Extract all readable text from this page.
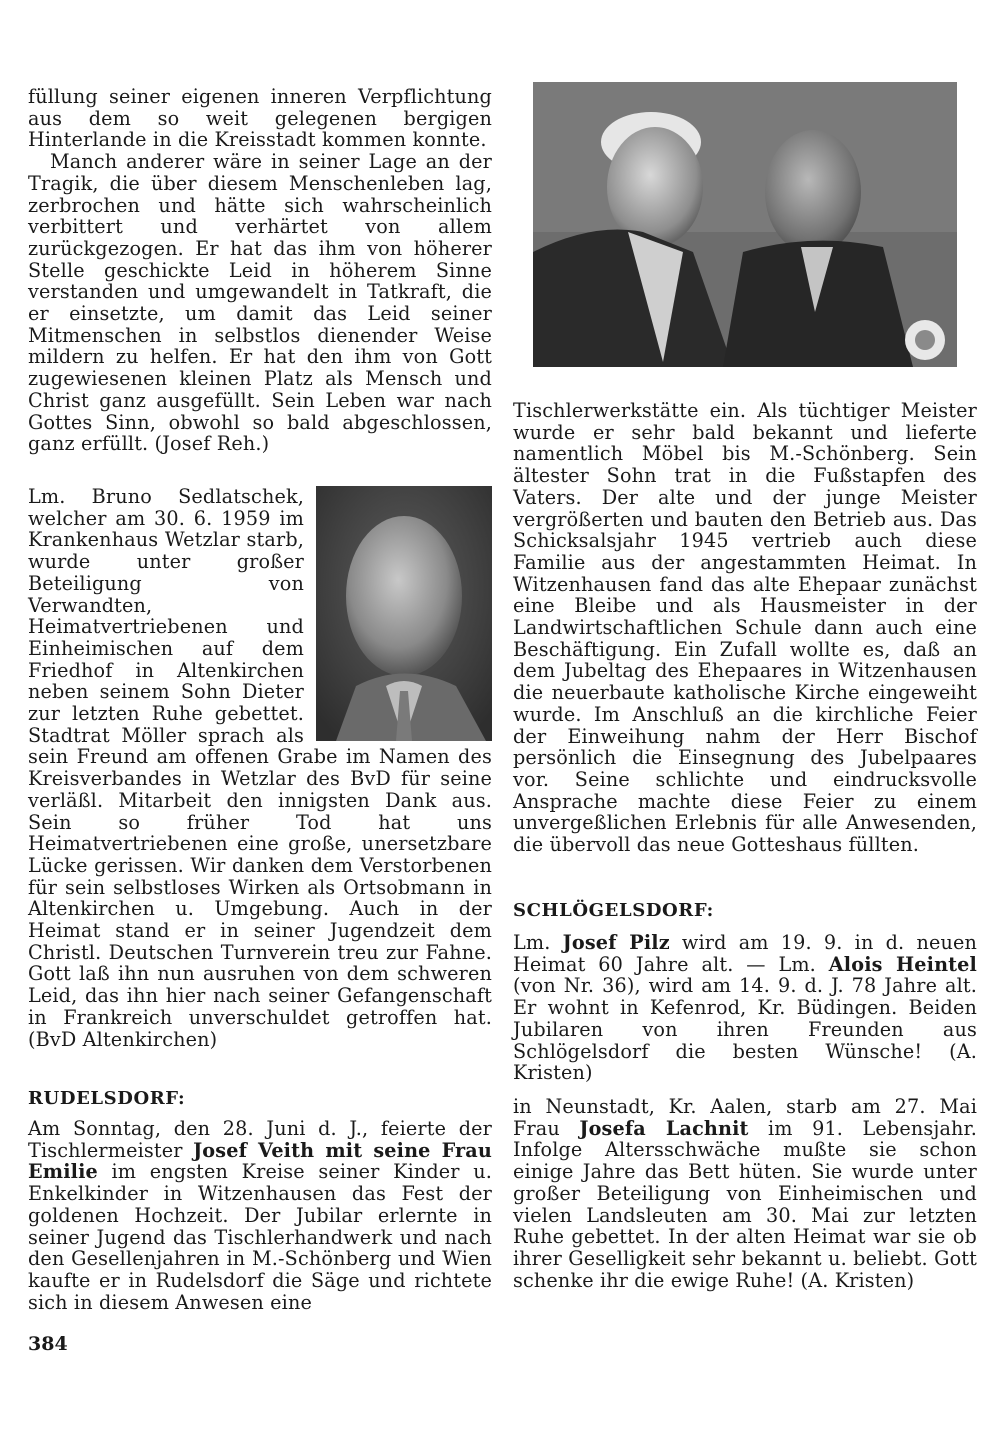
füllung seiner eigenen inneren Verpflichtung aus dem so weit gelegenen bergigen Hinterlande in die Kreisstadt kommen konnte.

Manch anderer wäre in seiner Lage an der Tragik, die über diesem Menschenleben lag, zerbrochen und hätte sich wahrscheinlich verbittert und verhärtet von allem zurückgezogen. Er hat das ihm von höherer Stelle geschickte Leid in höherem Sinne verstanden und umgewandelt in Tatkraft, die er einsetzte, um damit das Leid seiner Mitmenschen in selbstlos dienender Weise mildern zu helfen. Er hat den ihm von Gott zugewiesenen kleinen Platz als Mensch und Christ ganz ausgefüllt. Sein Leben war nach Gottes Sinn, obwohl so bald abgeschlossen, ganz erfüllt. (Josef Reh.)

Lm. Bruno Sedlatschek, welcher am 30. 6. 1959 im Krankenhaus Wetzlar starb, wurde unter großer Beteiligung von Verwandten, Heimatvertriebenen und Einheimischen auf dem Friedhof in Altenkirchen neben seinem Sohn Dieter zur letzten Ruhe gebettet. Stadtrat Möller sprach als sein Freund am offenen Grabe im Namen des Kreisverbandes in Wetzlar des BvD für seine verläßl. Mitarbeit den innigsten Dank aus. Sein so früher Tod hat uns Heimatvertriebenen eine große, unersetzbare Lücke gerissen. Wir danken dem Verstorbenen für sein selbstloses Wirken als Ortsobmann in Altenkirchen u. Umgebung. Auch in der Heimat stand er in seiner Jugendzeit dem Christl. Deutschen Turnverein treu zur Fahne. Gott laß ihn nun ausruhen von dem schweren Leid, das ihn hier nach seiner Gefangenschaft in Frankreich unverschuldet getroffen hat. (BvD Altenkirchen)

RUDELSDORF:

Am Sonntag, den 28. Juni d. J., feierte der Tischlermeister Josef Veith mit seine Frau Emilie im engsten Kreise seiner Kinder u. Enkelkinder in Witzenhausen das Fest der goldenen Hochzeit. Der Jubilar erlernte in seiner Jugend das Tischlerhandwerk und nach den Gesellenjahren in M.-Schönberg und Wien kaufte er in Rudelsdorf die Säge und richtete sich in diesem Anwesen eine

384

Tischlerwerkstätte ein. Als tüchtiger Meister wurde er sehr bald bekannt und lieferte namentlich Möbel bis M.-Schönberg. Sein ältester Sohn trat in die Fußstapfen des Vaters. Der alte und der junge Meister vergrößerten und bauten den Betrieb aus. Das Schicksalsjahr 1945 vertrieb auch diese Familie aus der angestammten Heimat. In Witzenhausen fand das alte Ehepaar zunächst eine Bleibe und als Hausmeister in der Landwirtschaftlichen Schule dann auch eine Beschäftigung. Ein Zufall wollte es, daß an dem Jubeltag des Ehepaares in Witzenhausen die neuerbaute katholische Kirche eingeweiht wurde. Im Anschluß an die kirchliche Feier der Einweihung nahm der Herr Bischof persönlich die Einsegnung des Jubelpaares vor. Seine schlichte und eindrucksvolle Ansprache machte diese Feier zu einem unvergeßlichen Erlebnis für alle Anwesenden, die übervoll das neue Gotteshaus füllten.

SCHLÖGELSDORF:

Lm. Josef Pilz wird am 19. 9. in d. neuen Heimat 60 Jahre alt. — Lm. Alois Heintel (von Nr. 36), wird am 14. 9. d. J. 78 Jahre alt. Er wohnt in Kefenrod, Kr. Büdingen. Beiden Jubilaren von ihren Freunden aus Schlögelsdorf die besten Wünsche! (A. Kristen)

in Neunstadt, Kr. Aalen, starb am 27. Mai Frau Josefa Lachnit im 91. Lebensjahr. Infolge Altersschwäche mußte sie schon einige Jahre das Bett hüten. Sie wurde unter großer Beteiligung von Einheimischen und vielen Landsleuten am 30. Mai zur letzten Ruhe gebettet. In der alten Heimat war sie ob ihrer Geselligkeit sehr bekannt u. beliebt. Gott schenke ihr die ewige Ruhe! (A. Kristen)
